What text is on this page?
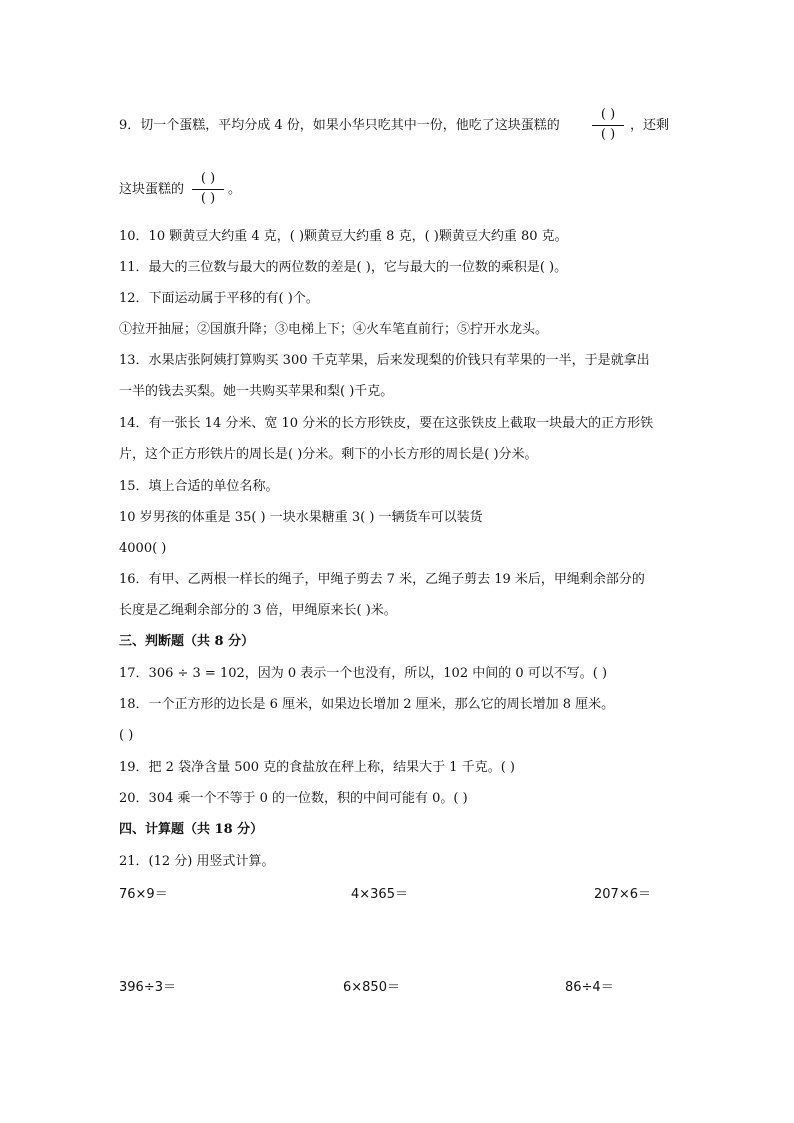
9．切一个蛋糕，平均分成 4 份，如果小华只吃其中一份，他吃了这块蛋糕的
( )
( )
，还剩
这块蛋糕的
( )
( )
。
10．10 颗黄豆大约重 4 克，( )颗黄豆大约重 8 克，( )颗黄豆大约重 80 克。
11．最大的三位数与最大的两位数的差是( )，它与最大的一位数的乘积是( )。
12．下面运动属于平移的有( )个。
①拉开抽屉；②国旗升降；③电梯上下；④火车笔直前行；⑤拧开水龙头。
13．水果店张阿姨打算购买 300 千克苹果，后来发现梨的价钱只有苹果的一半，于是就拿出
一半的钱去买梨。她一共购买苹果和梨( )千克。
14．有一张长 14 分米、宽 10 分米的长方形铁皮，要在这张铁皮上截取一块最大的正方形铁
片，这个正方形铁片的周长是( )分米。剩下的小长方形的周长是( )分米。
15．填上合适的单位名称。
10 岁男孩的体重是 35( ) 一块水果糖重 3( ) 一辆货车可以装货
4000( )
16．有甲、乙两根一样长的绳子，甲绳子剪去 7 米，乙绳子剪去 19 米后，甲绳剩余部分的
长度是乙绳剩余部分的 3 倍，甲绳原来长( )米。
三、判断题（共 8 分）
17．306 ÷ 3 = 102，因为 0 表示一个也没有，所以，102 中间的 0 可以不写。( )
18．一个正方形的边长是 6 厘米，如果边长增加 2 厘米，那么它的周长增加 8 厘米。
( )
19．把 2 袋净含量 500 克的食盐放在秤上称，结果大于 1 千克。( )
20．304 乘一个不等于 0 的一位数，积的中间可能有 0。( )
四、计算题（共 18 分）
21．(12 分) 用竖式计算。
76×9＝	4×365＝	207×6＝
396÷3＝	6×850＝	86÷4＝
